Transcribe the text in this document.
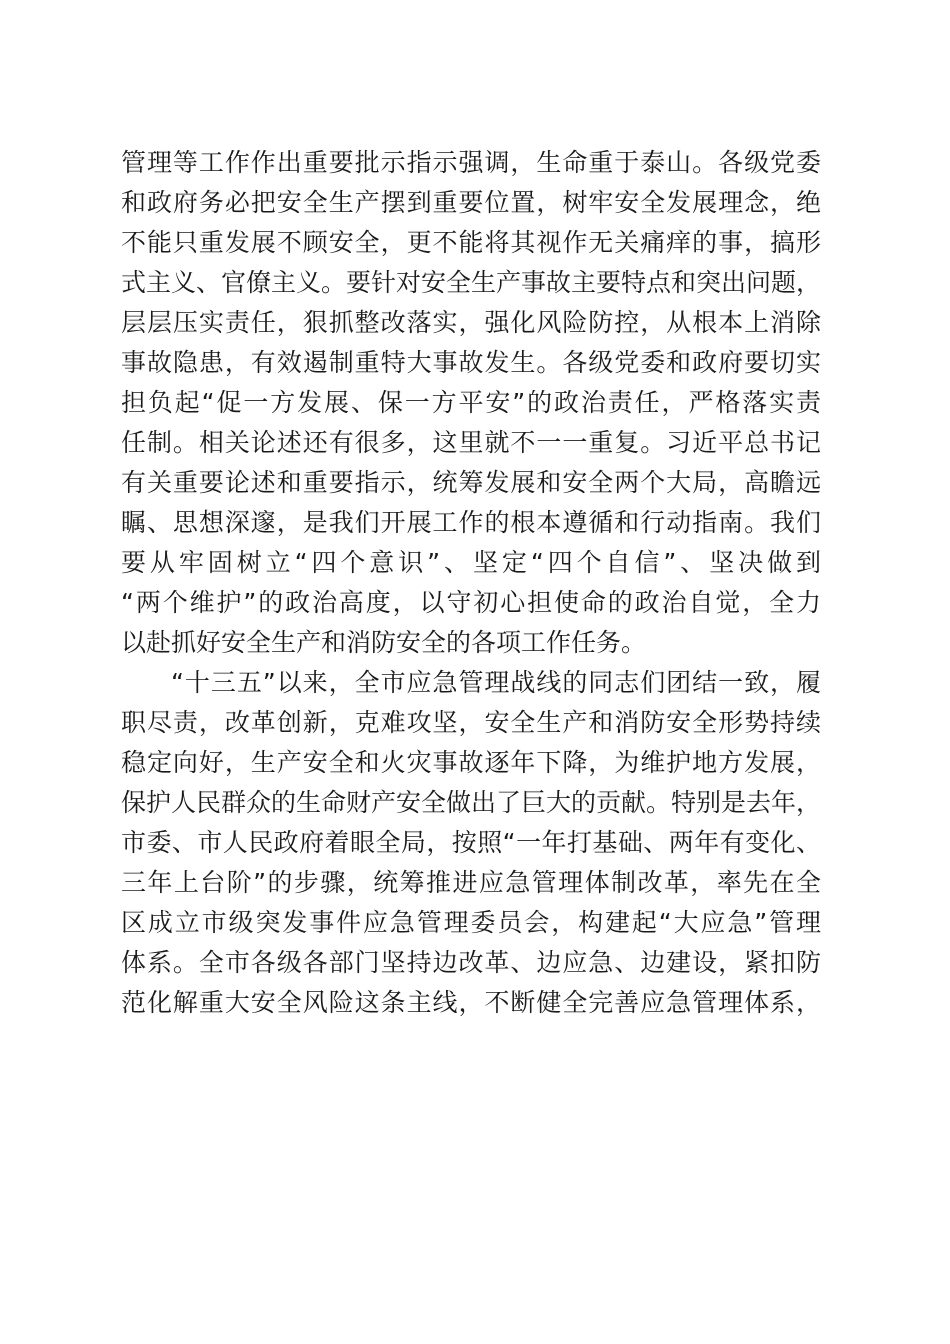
管理等工作作出重要批示指示强调，生命重于泰山。各级党委
和政府务必把安全生产摆到重要位置，树牢安全发展理念，绝
不能只重发展不顾安全，更不能将其视作无关痛痒的事，搞形
式主义、官僚主义。要针对安全生产事故主要特点和突出问题，
层层压实责任，狠抓整改落实，强化风险防控，从根本上消除
事故隐患，有效遏制重特大事故发生。各级党委和政府要切实
担负起“促一方发展、保一方平安”的政治责任，严格落实责
任制。相关论述还有很多，这里就不一一重复。习近平总书记
有关重要论述和重要指示，统筹发展和安全两个大局，高瞻远
瞩、思想深邃，是我们开展工作的根本遵循和行动指南。我们
要从牢固树立“四个意识”、坚定“四个自信”、坚决做到
“两个维护”的政治高度，以守初心担使命的政治自觉，全力
以赴抓好安全生产和消防安全的各项工作任务。
“十三五”以来，全市应急管理战线的同志们团结一致，履
职尽责，改革创新，克难攻坚，安全生产和消防安全形势持续
稳定向好，生产安全和火灾事故逐年下降，为维护地方发展，
保护人民群众的生命财产安全做出了巨大的贡献。特别是去年，
市委、市人民政府着眼全局，按照“一年打基础、两年有变化、
三年上台阶”的步骤，统筹推进应急管理体制改革，率先在全
区成立市级突发事件应急管理委员会，构建起“大应急”管理
体系。全市各级各部门坚持边改革、边应急、边建设，紧扣防
范化解重大安全风险这条主线，不断健全完善应急管理体系，
